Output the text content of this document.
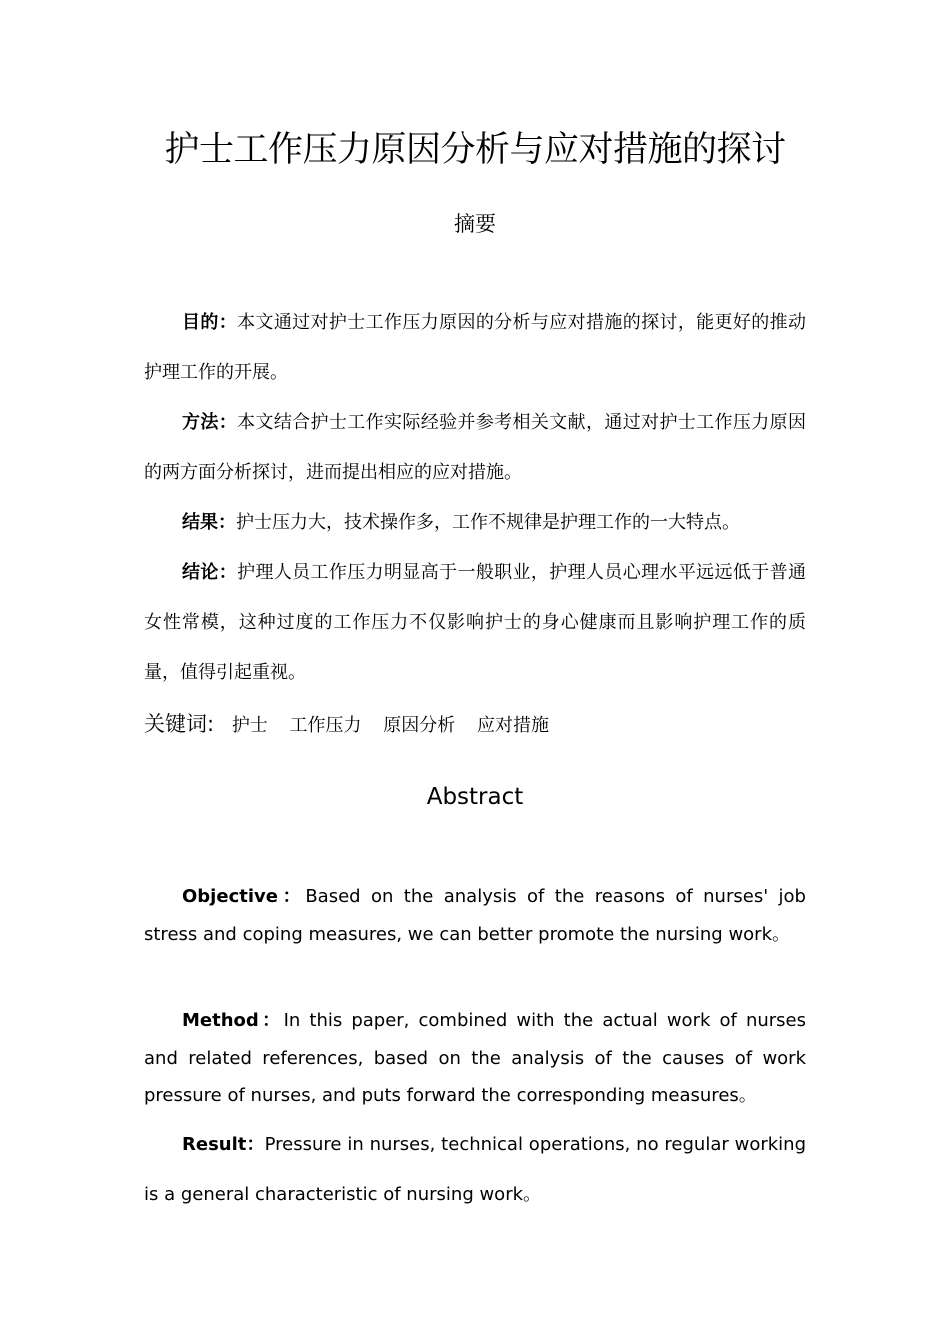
护士工作压力原因分析与应对措施的探讨
摘要

目的：本文通过对护士工作压力原因的分析与应对措施的探讨，能更好的推动护理工作的开展。

方法：本文结合护士工作实际经验并参考相关文献，通过对护士工作压力原因的两方面分析探讨，进而提出相应的应对措施。

结果：护士压力大，技术操作多，工作不规律是护理工作的一大特点。

结论：护理人员工作压力明显高于一般职业，护理人员心理水平远远低于普通女性常模，这种过度的工作压力不仅影响护士的身心健康而且影响护理工作的质量，值得引起重视。

关键词: 护士 工作压力 原因分析 应对措施
Abstract

Objective：Based on the analysis of the reasons of nurses' job stress and coping measures, we can better promote the nursing work。

Method：In this paper, combined with the actual work of nurses and related references, based on the analysis of the causes of work pressure of nurses, and puts forward the corresponding measures。

Result：Pressure in nurses, technical operations, no regular working is a general characteristic of nursing work。
